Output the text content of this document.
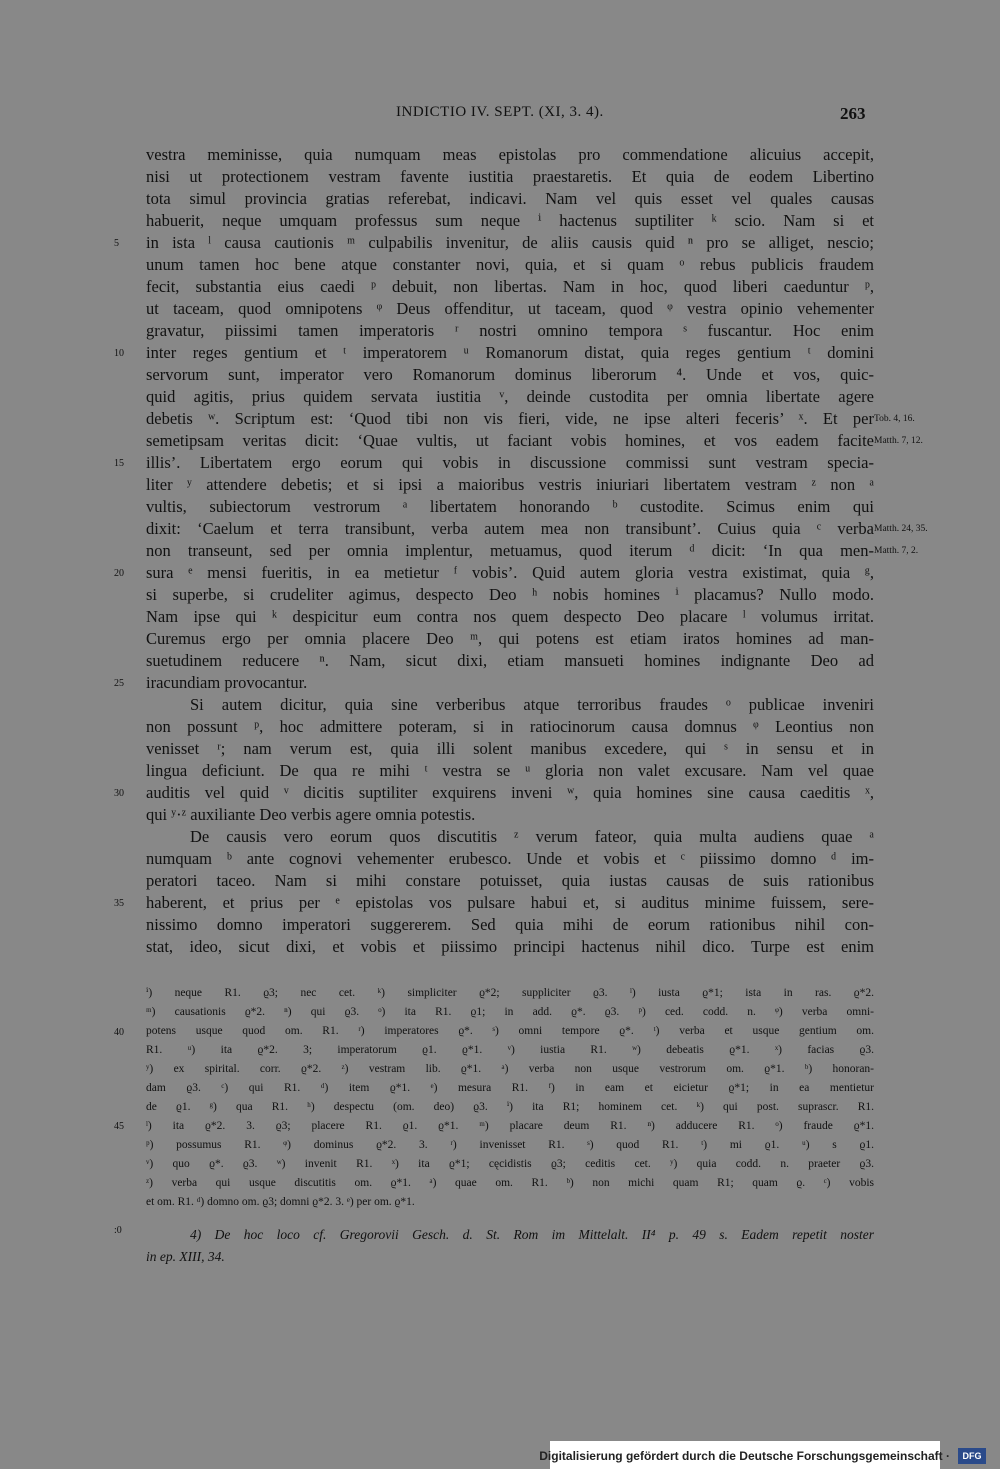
INDICTIO IV. SEPT. (XI, 3. 4).	263
vestra meminisse, quia numquam meas epistolas pro commendatione alicuius accepit,
nisi ut protectionem vestram favente iustitia praestaretis. Et quia de eodem Libertino
tota simul provincia gratias referebat, indicavi. Nam vel quis esset vel quales causas
habuerit, neque umquam professus sum neque ⁱ hactenus suptiliter ᵏ scio. Nam si et
in ista ˡ causa cautionis ᵐ culpabilis invenitur, de aliis causis quid ⁿ pro se alliget, nescio;
unum tamen hoc bene atque constanter novi, quia, et si quam ᵒ rebus publicis fraudem
fecit, substantia eius caedi ᵖ debuit, non libertas. Nam in hoc, quod liberi caeduntur ᵖ,
ut taceam, quod omnipotens ᵠ Deus offenditur, ut taceam, quod ᵠ vestra opinio vehementer
gravatur, piissimi tamen imperatoris ʳ nostri omnino tempora ˢ fuscantur. Hoc enim
inter reges gentium et ᵗ imperatorem ᵘ Romanorum distat, quia reges gentium ᵗ domini
servorum sunt, imperator vero Romanorum dominus liberorum ⁴. Unde et vos, quic-
quid agitis, prius quidem servata iustitia ᵛ, deinde custodita per omnia libertate agere
debetis ʷ. Scriptum est: ‘Quod tibi non vis fieri, vide, ne ipse alteri feceris’ ˣ. Et per
semetipsam veritas dicit: ‘Quae vultis, ut faciant vobis homines, et vos eadem facite
illis’. Libertatem ergo eorum qui vobis in discussione commissi sunt vestram specia-
liter ʸ attendere debetis; et si ipsi a maioribus vestris iniuriari libertatem vestram ᶻ non ᵃ
vultis, subiectorum vestrorum ᵃ libertatem honorando ᵇ custodite. Scimus enim qui
dixit: ‘Caelum et terra transibunt, verba autem mea non transibunt’. Cuius quia ᶜ verba
non transeunt, sed per omnia implentur, metuamus, quod iterum ᵈ dicit: ‘In qua men-
sura ᵉ mensi fueritis, in ea metietur ᶠ vobis’. Quid autem gloria vestra existimat, quia ᵍ,
si superbe, si crudeliter agimus, despecto Deo ʰ nobis homines ⁱ placamus? Nullo modo.
Nam ipse qui ᵏ despicitur eum contra nos quem despecto Deo placare ˡ volumus irritat.
Curemus ergo per omnia placere Deo ᵐ, qui potens est etiam iratos homines ad man-
suetudinem reducere ⁿ. Nam, sicut dixi, etiam mansueti homines indignante Deo ad
iracundiam provocantur.
Si autem dicitur, quia sine verberibus atque terroribus fraudes ᵒ publicae inveniri
non possunt ᵖ, hoc admittere poteram, si in ratiocinorum causa domnus ᵠ Leontius non
venisset ʳ; nam verum est, quia illi solent manibus excedere, qui ˢ in sensu et in
lingua deficiunt. De qua re mihi ᵗ vestra se ᵘ gloria non valet excusare. Nam vel quae
auditis vel quid ᵛ dicitis suptiliter exquirens inveni ʷ, quia homines sine causa caeditis ˣ,
qui ʸ·ᶻ auxiliante Deo verbis agere omnia potestis.
De causis vero eorum quos discutitis ᶻ verum fateor, quia multa audiens quae ᵃ
numquam ᵇ ante cognovi vehementer erubesco. Unde et vobis et ᶜ piissimo domno ᵈ im-
peratori taceo. Nam si mihi constare potuisset, quia iustas causas de suis rationibus
haberent, et prius per ᵉ epistolas vos pulsare habui et, si auditus minime fuissem, sere-
nissimo domno imperatori suggererem. Sed quia mihi de eorum rationibus nihil con-
stat, ideo, sicut dixi, et vobis et piissimo principi hactenus nihil dico. Turpe est enim
5
10
15
20
25
30
35
40
45
:0
Tob. 4, 16.
Matth. 7, 12.
Matth. 24, 35.
Matth. 7, 2.
ⁱ) neque R1. ϱ3; nec cet. ᵏ) simpliciter ϱ*2; suppliciter ϱ3. ˡ) iusta ϱ*1; ista in ras. ϱ*2.
ᵐ) causationis ϱ*2. ⁿ) qui ϱ3. ᵒ) ita R1. ϱ1; in add. ϱ*. ϱ3. ᵖ) ced. codd. n. ᵠ) verba omni-
potens usque quod om. R1. ʳ) imperatores ϱ*. ˢ) omni tempore ϱ*. ᵗ) verba et usque gentium om.
R1. ᵘ) ita ϱ*2. 3; imperatorum ϱ1. ϱ*1. ᵛ) iustia R1. ʷ) debeatis ϱ*1. ˣ) facias ϱ3.
ʸ) ex spirital. corr. ϱ*2. ᶻ) vestram lib. ϱ*1. ᵃ) verba non usque vestrorum om. ϱ*1. ᵇ) honoran-
dam ϱ3. ᶜ) qui R1. ᵈ) item ϱ*1. ᵉ) mesura R1. ᶠ) in eam et eicietur ϱ*1; in ea mentietur
de ϱ1. ᵍ) qua R1. ʰ) despectu (om. deo) ϱ3. ⁱ) ita R1; hominem cet. ᵏ) qui post. suprascr. R1.
ˡ) ita ϱ*2. 3. ϱ3; placere R1. ϱ1. ϱ*1. ᵐ) placare deum R1. ⁿ) adducere R1. ᵒ) fraude ϱ*1.
ᵖ) possumus R1. ᵠ) dominus ϱ*2. 3. ʳ) invenisset R1. ˢ) quod R1. ᵗ) mi ϱ1. ᵘ) s ϱ1.
ᵛ) quo ϱ*. ϱ3. ʷ) invenit R1. ˣ) ita ϱ*1; cęcidistis ϱ3; ceditis cet. ʸ) quia codd. n. praeter ϱ3.
ᶻ) verba qui usque discutitis om. ϱ*1. ᵃ) quae om. R1. ᵇ) non michi quam R1; quam ϱ. ᶜ) vobis
et om. R1. ᵈ) domno om. ϱ3; domni ϱ*2. 3. ᵉ) per om. ϱ*1.
4) De hoc loco cf. Gregorovii Gesch. d. St. Rom im Mittelalt. II⁴ p. 49 s. Eadem repetit noster
in ep. XIII, 34.
Digitalisierung gefördert durch die Deutsche Forschungsgemeinschaft ·	DFG
